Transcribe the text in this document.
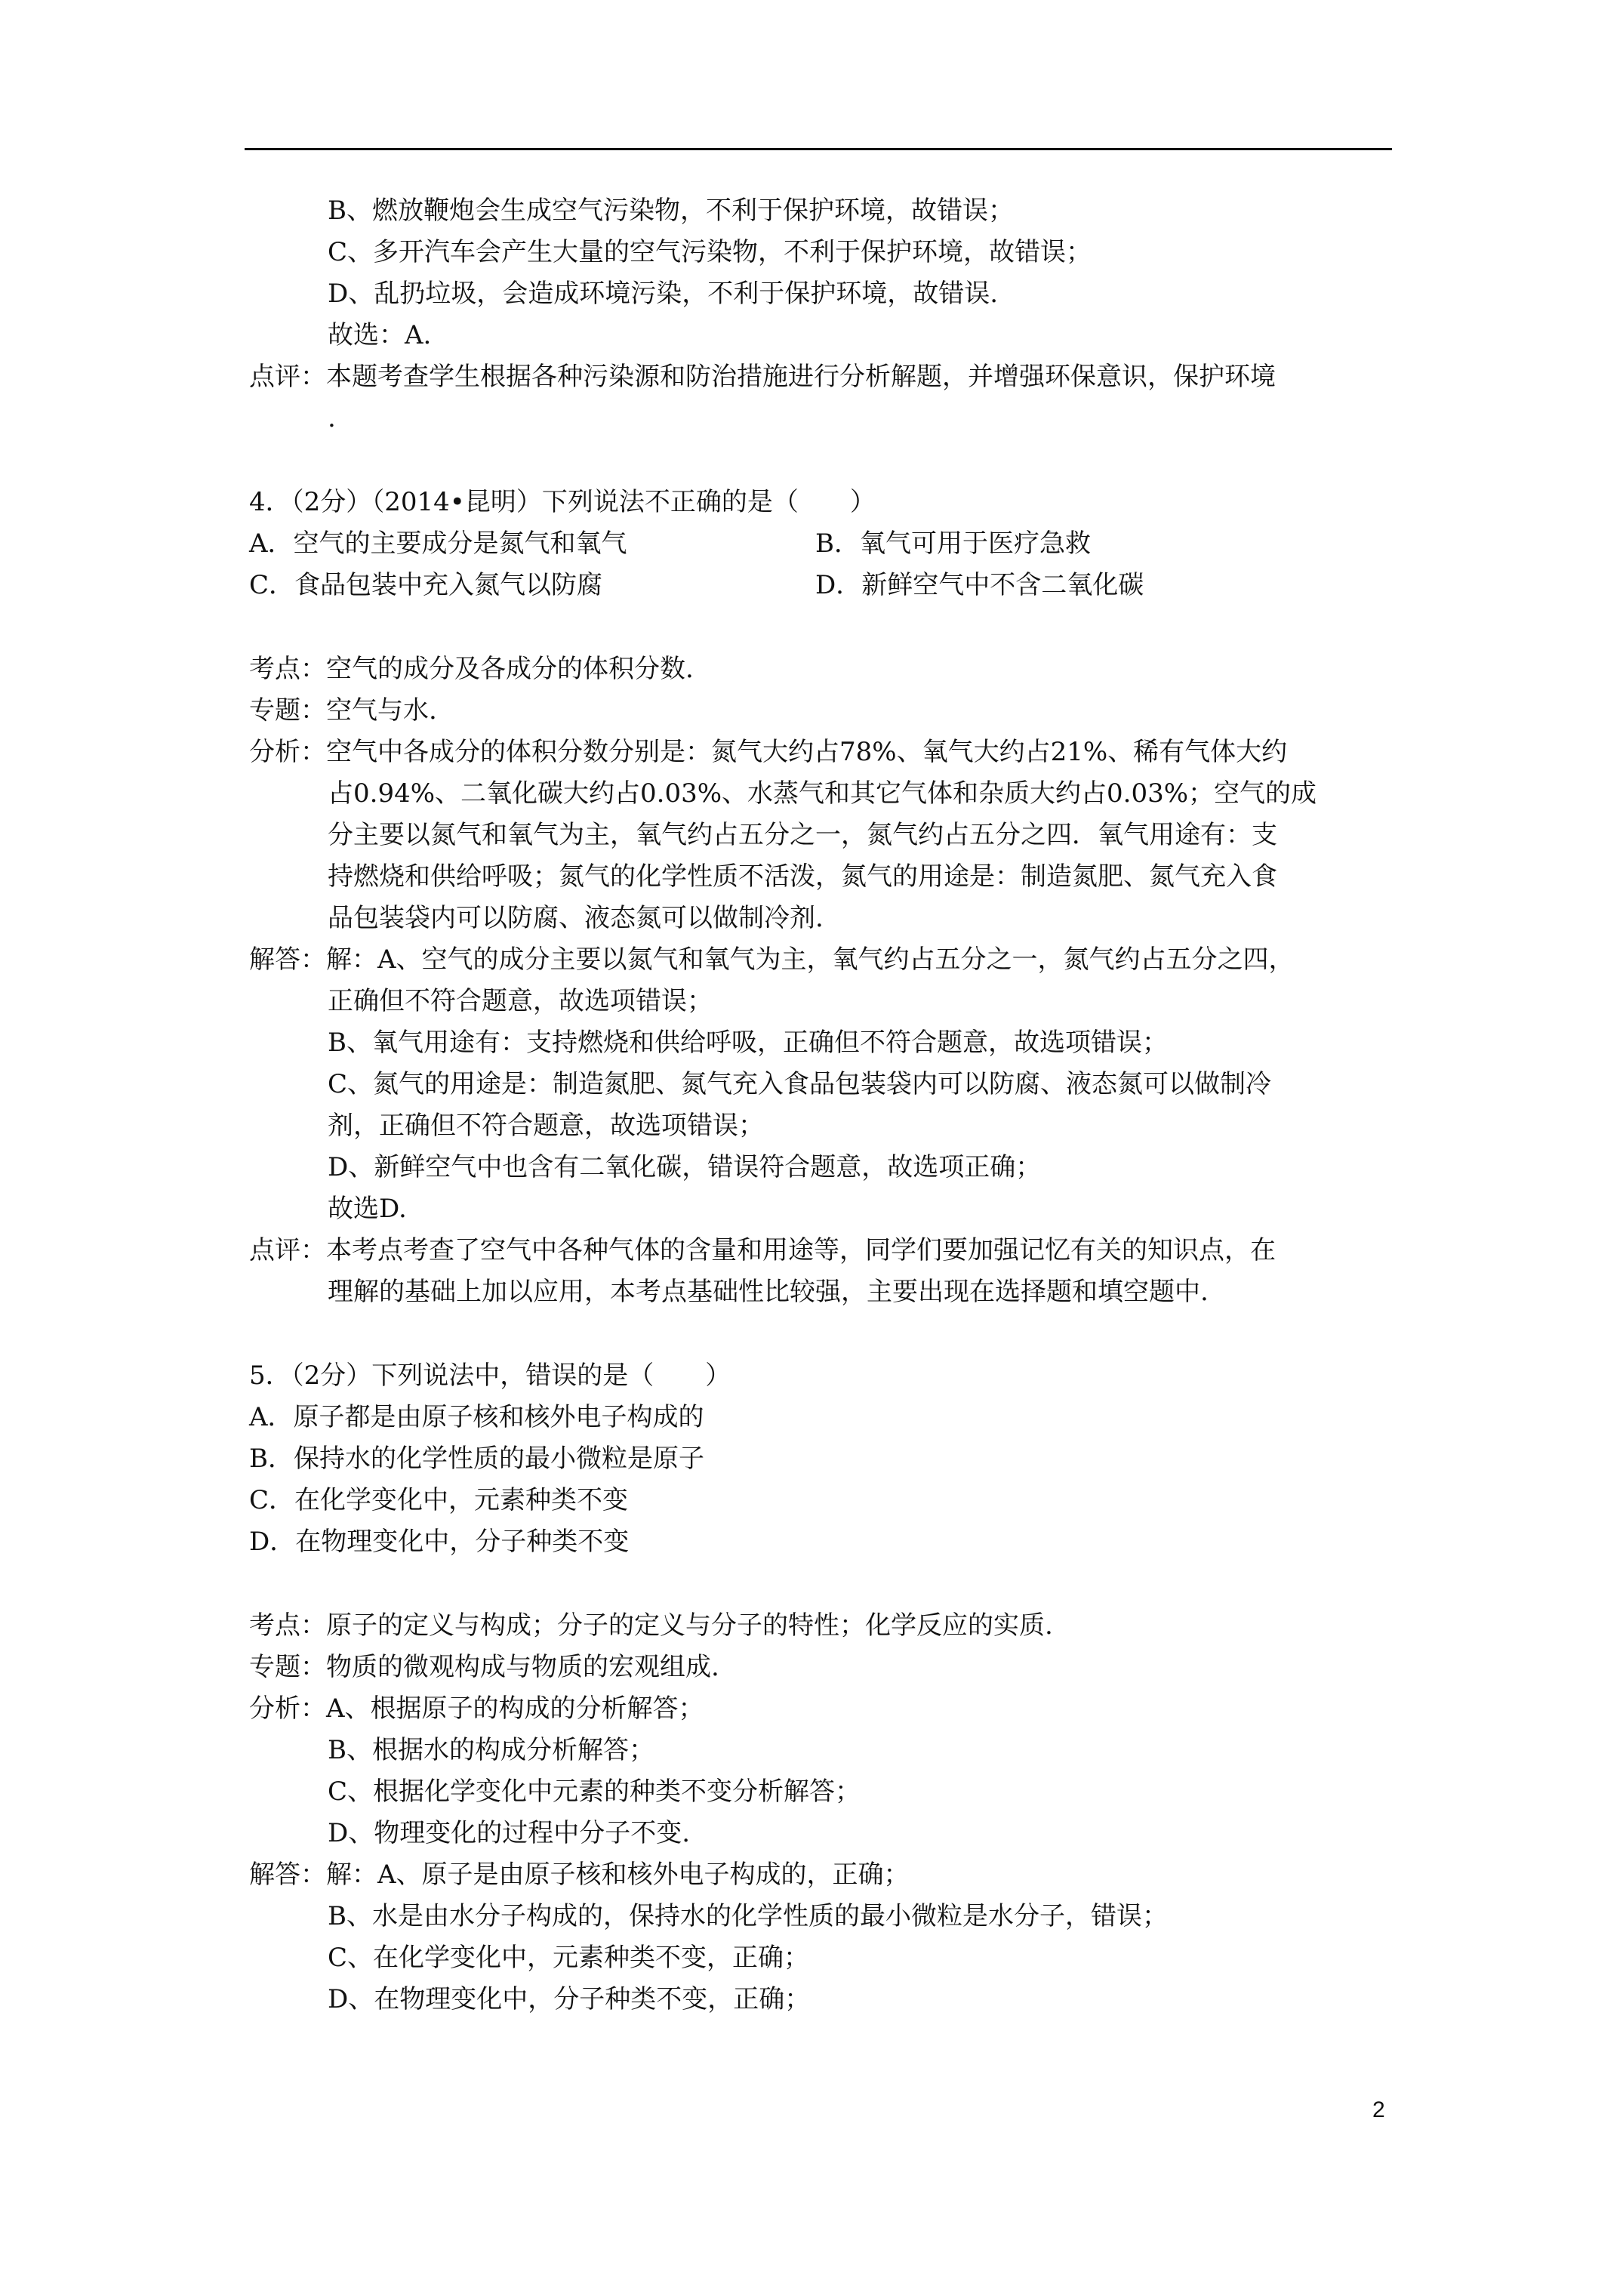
B、燃放鞭炮会生成空气污染物，不利于保护环境，故错误；
C、多开汽车会产生大量的空气污染物，不利于保护环境，故错误；
D、乱扔垃圾，会造成环境污染，不利于保护环境，故错误.
故选：A.
点评：本题考查学生根据各种污染源和防治措施进行分析解题，并增强环保意识，保护环境
.
4．（2分）（2014•昆明）下列说法不正确的是（　　）
A．空气的主要成分是氮气和氧气	B．氧气可用于医疗急救
C．食品包装中充入氮气以防腐	D．新鲜空气中不含二氧化碳
考点：空气的成分及各成分的体积分数.
专题：空气与水.
分析：空气中各成分的体积分数分别是：氮气大约占78%、氧气大约占21%、稀有气体大约
占0.94%、二氧化碳大约占0.03%、水蒸气和其它气体和杂质大约占0.03%；空气的成
分主要以氮气和氧气为主，氧气约占五分之一，氮气约占五分之四．氧气用途有：支
持燃烧和供给呼吸；氮气的化学性质不活泼，氮气的用途是：制造氮肥、氮气充入食
品包装袋内可以防腐、液态氮可以做制冷剂.
解答：解：A、空气的成分主要以氮气和氧气为主，氧气约占五分之一，氮气约占五分之四，
正确但不符合题意，故选项错误；
B、氧气用途有：支持燃烧和供给呼吸，正确但不符合题意，故选项错误；
C、氮气的用途是：制造氮肥、氮气充入食品包装袋内可以防腐、液态氮可以做制冷
剂，正确但不符合题意，故选项错误；
D、新鲜空气中也含有二氧化碳，错误符合题意，故选项正确；
故选D.
点评：本考点考查了空气中各种气体的含量和用途等，同学们要加强记忆有关的知识点，在
理解的基础上加以应用，本考点基础性比较强，主要出现在选择题和填空题中.
5．（2分）下列说法中，错误的是（　　）
A．原子都是由原子核和核外电子构成的
B．保持水的化学性质的最小微粒是原子
C．在化学变化中，元素种类不变
D．在物理变化中，分子种类不变
考点：原子的定义与构成；分子的定义与分子的特性；化学反应的实质.
专题：物质的微观构成与物质的宏观组成.
分析：A、根据原子的构成的分析解答；
B、根据水的构成分析解答；
C、根据化学变化中元素的种类不变分析解答；
D、物理变化的过程中分子不变.
解答：解：A、原子是由原子核和核外电子构成的，正确；
B、水是由水分子构成的，保持水的化学性质的最小微粒是水分子，错误；
C、在化学变化中，元素种类不变，正确；
D、在物理变化中，分子种类不变，正确；
2
